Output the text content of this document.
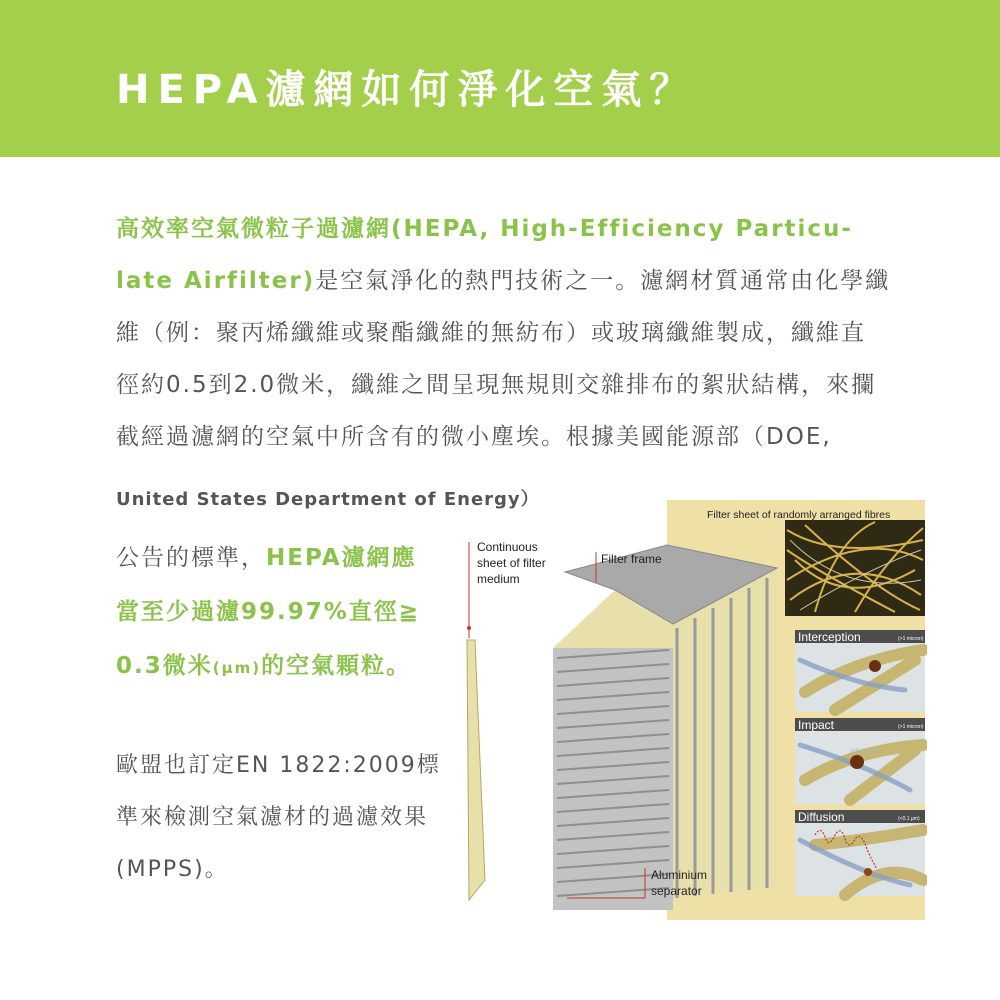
HEPA濾網如何淨化空氣？
高效率空氣微粒子過濾網(HEPA, High-Efficiency Particu-
late Airfilter)是空氣淨化的熱門技術之一。濾網材質通常由化學纖
維（例：聚丙烯纖維或聚酯纖維的無紡布）或玻璃纖維製成，纖維直
徑約0.5到2.0微米，纖維之間呈現無規則交雜排布的絮狀結構，來攔
截經過濾網的空氣中所含有的微小塵埃。根據美國能源部（DOE,
United States Department of Energy）
公告的標準，HEPA濾網應
當至少過濾99.97%直徑≧
0.3微米(μm)的空氣顆粒。
歐盟也訂定EN 1822:2009標
準來檢測空氣濾材的過濾效果
(MPPS)。
Filter sheet of randomly arranged fibres
Interception	(>1 micron)
Impact	(>1 micron)
Diffusion	(<0.1 µm)
AIR FLOW
Continuous
sheet of filter
medium
Filter frame
Aluminium
separator
